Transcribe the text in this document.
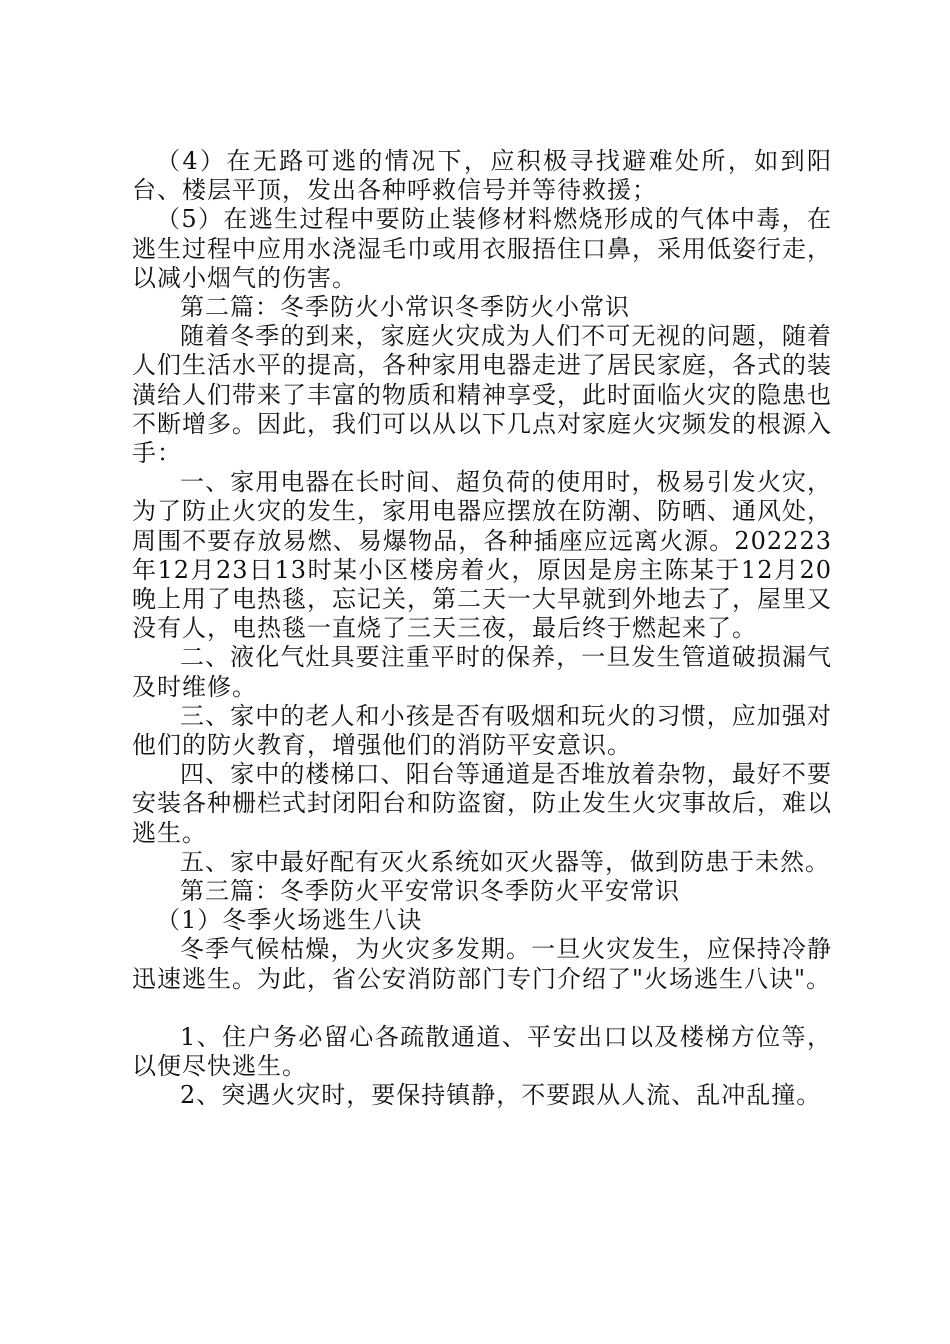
（4）在无路可逃的情况下，应积极寻找避难处所，如到阳台、楼层平顶，发出各种呼救信号并等待救援；

（5）在逃生过程中要防止装修材料燃烧形成的气体中毒，在逃生过程中应用水浇湿毛巾或用衣服捂住口鼻，采用低姿行走，以减小烟气的伤害。

第二篇：冬季防火小常识冬季防火小常识

随着冬季的到来，家庭火灾成为人们不可无视的问题，随着人们生活水平的提高，各种家用电器走进了居民家庭，各式的装潢给人们带来了丰富的物质和精神享受，此时面临火灾的隐患也不断增多。因此，我们可以从以下几点对家庭火灾频发的根源入手：

一、家用电器在长时间、超负荷的使用时，极易引发火灾，为了防止火灾的发生，家用电器应摆放在防潮、防晒、通风处，周围不要存放易燃、易爆物品，各种插座应远离火源。202223年12月23日13时某小区楼房着火，原因是房主陈某于12月20晚上用了电热毯，忘记关，第二天一大早就到外地去了，屋里又没有人，电热毯一直烧了三天三夜，最后终于燃起来了。

二、液化气灶具要注重平时的保养，一旦发生管道破损漏气及时维修。

三、家中的老人和小孩是否有吸烟和玩火的习惯，应加强对他们的防火教育，增强他们的消防平安意识。

四、家中的楼梯口、阳台等通道是否堆放着杂物，最好不要安装各种栅栏式封闭阳台和防盗窗，防止发生火灾事故后，难以逃生。

五、家中最好配有灭火系统如灭火器等，做到防患于未然。

第三篇：冬季防火平安常识冬季防火平安常识

（1）冬季火场逃生八诀

冬季气候枯燥，为火灾多发期。一旦火灾发生，应保持冷静迅速逃生。为此，省公安消防部门专门介绍了"火场逃生八诀"。

1、住户务必留心各疏散通道、平安出口以及楼梯方位等，以便尽快逃生。

2、突遇火灾时，要保持镇静，不要跟从人流、乱冲乱撞。
